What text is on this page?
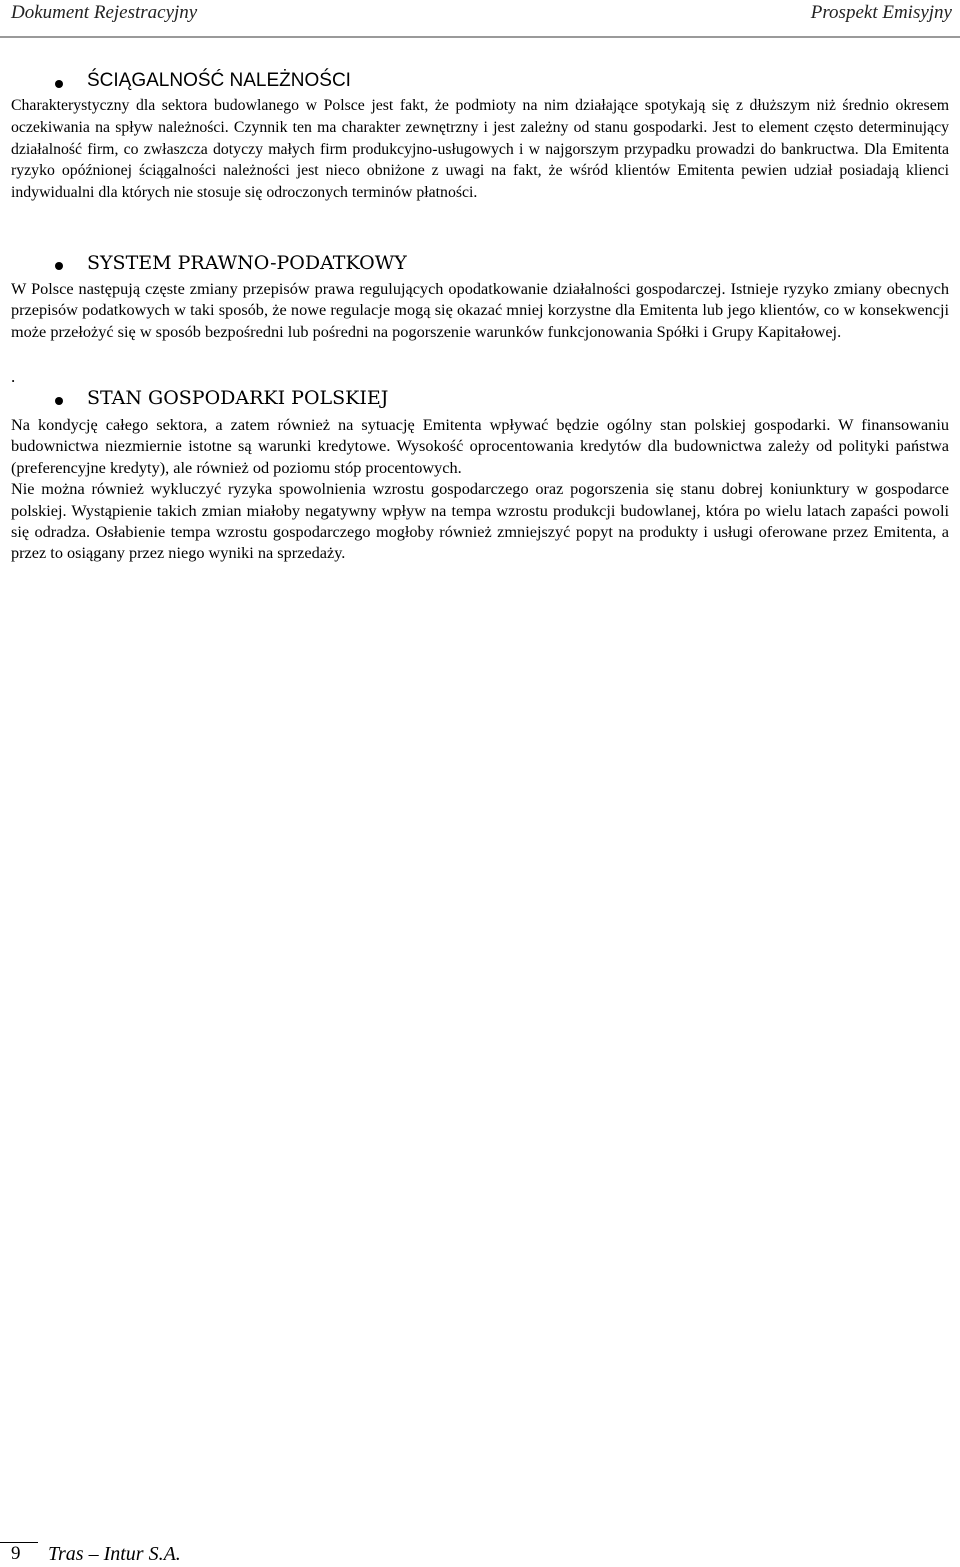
Dokument Rejestracyjny	Prospekt Emisyjny
ŚCIĄGALNOŚĆ NALEŻNOŚCI

Charakterystyczny dla sektora budowlanego w Polsce jest fakt, że podmioty na nim działające spotykają się z dłuższym niż średnio okresem oczekiwania na spływ należności. Czynnik ten ma charakter zewnętrzny i jest zależny od stanu gospodarki. Jest to element często determinujący działalność firm, co zwłaszcza dotyczy małych firm produkcyjno-usługowych i w najgorszym przypadku prowadzi do bankructwa. Dla Emitenta ryzyko opóźnionej ściągalności należności jest nieco obniżone z uwagi na fakt, że wśród klientów Emitenta pewien udział posiadają klienci indywidualni dla których nie stosuje się odroczonych terminów płatności.

SYSTEM PRAWNO-PODATKOWY

W Polsce następują częste zmiany przepisów prawa regulujących opodatkowanie działalności gospodarczej. Istnieje ryzyko zmiany obecnych przepisów podatkowych w taki sposób, że nowe regulacje mogą się okazać mniej korzystne dla Emitenta lub jego klientów, co w konsekwencji może przełożyć się w sposób bezpośredni lub pośredni na pogorszenie warunków funkcjonowania Spółki i Grupy Kapitałowej.

.
STAN GOSPODARKI POLSKIEJ

Na kondycję całego sektora, a zatem również na sytuację Emitenta wpływać będzie ogólny stan polskiej gospodarki. W finansowaniu budownictwa niezmiernie istotne są warunki kredytowe. Wysokość oprocentowania kredytów dla budownictwa zależy od polityki państwa (preferencyjne kredyty), ale również od poziomu stóp procentowych.

Nie można również wykluczyć ryzyka spowolnienia wzrostu gospodarczego oraz pogorszenia się stanu dobrej koniunktury w gospodarce polskiej. Wystąpienie takich zmian miałoby negatywny wpływ na tempa wzrostu produkcji budowlanej, która po wielu latach zapaści powoli się odradza. Osłabienie tempa wzrostu gospodarczego mogłoby również zmniejszyć popyt na produkty i usługi oferowane przez Emitenta, a przez to osiągany przez niego wyniki na sprzedaży.

9 Tras – Intur S.A.
